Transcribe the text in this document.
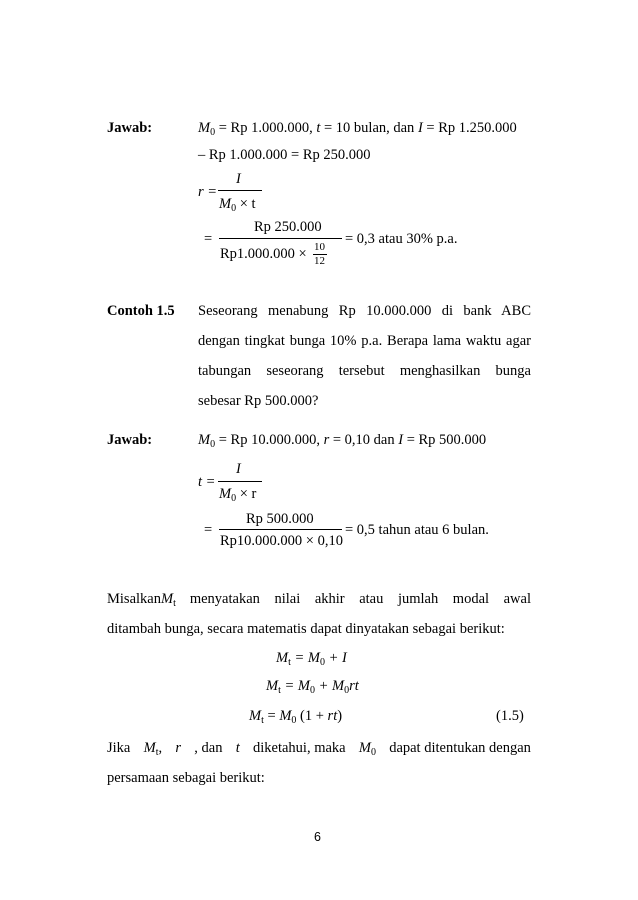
Jawab:	$M_0 = Rp$ 1.000.000, t = 10 bulan, dan I = Rp 1.250.000
– Rp 1.000.000 = Rp 250.000
r =
I
$M_0 \times t$
=
Rp 250.000
Rp1.000.000 × 10
12
= 0,3 atau 30% p.a.
Contoh 1.5 Seseorang menabung Rp 10.000.000 di bank ABC
dengan tingkat bunga 10% p.a. Berapa lama waktu agar
tabungan seseorang tersebut menghasilkan bunga
sebesar Rp 500.000?
Jawab:	$M_0 = Rp$ 10.000.000, r = 0,10 dan I = Rp 500.000
t =
I
$M_0 \times r$
=
Rp 500.000
Rp10.000.000 × 0,10
= 0,5 tahun atau 6 bulan.
Misalkan $M_t$ menyatakan nilai akhir atau jumlah modal awal
ditambah bunga, secara matematis dapat dinyatakan sebagai berikut:
$M_t = M_0 + I$
$M_t = M_0 + M_0rt$
$M_t = M_0$ (1 + rt)	(1.5)
Jika $M_t$, r , dan t diketahui, maka $M_0$ dapat ditentukan dengan
persamaan sebagai berikut:
6
